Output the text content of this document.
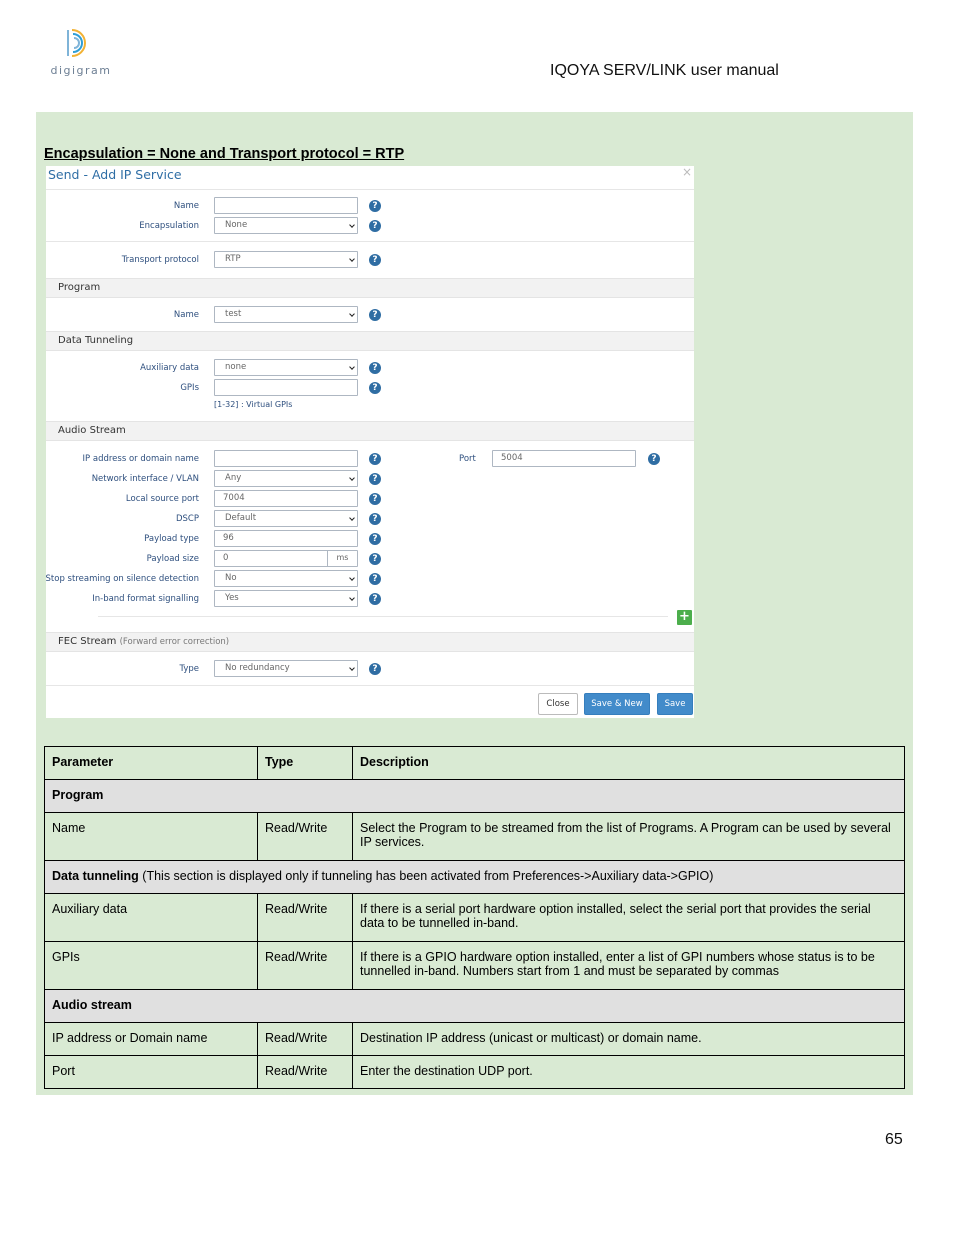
digigram	IQOYA SERV/LINK user manual
Encapsulation = None and Transport protocol = RTP
Send - Add IP Service	×
Name	?
Encapsulation	None	?
Transport protocol	RTP	?
Program
Name	test	?
Data Tunneling
Auxiliary data	none	?
GPIs	?
[1-32] : Virtual GPIs
Audio Stream
IP address or domain name	?	Port	5004	?
Network interface / VLAN	Any	?
Local source port	7004	?
DSCP	Default	?
Payload type	96	?
Payload size	0	ms	?
Stop streaming on silence detection	No	?
In-band format signalling	Yes	?
+
FEC Stream (Forward error correction)
Type	No redundancy	?
Close	Save & New	Save
Parameter	Type	Description
Program		
Name	Read/Write	Select the Program to be streamed from the list of Programs. A Program can be used by several IP services.
Data tunneling (This section is displayed only if tunneling has been activated from Preferences->Auxiliary data->GPIO)		
Auxiliary data	Read/Write	If there is a serial port hardware option installed, select the serial port that provides the serial data to be tunnelled in-band.
GPIs	Read/Write	If there is a GPIO hardware option installed, enter a list of GPI numbers whose status is to be tunnelled in-band. Numbers start from 1 and must be separated by commas
Audio stream		
IP address or Domain name	Read/Write	Destination IP address (unicast or multicast) or domain name.
Port	Read/Write	Enter the destination UDP port.
65
